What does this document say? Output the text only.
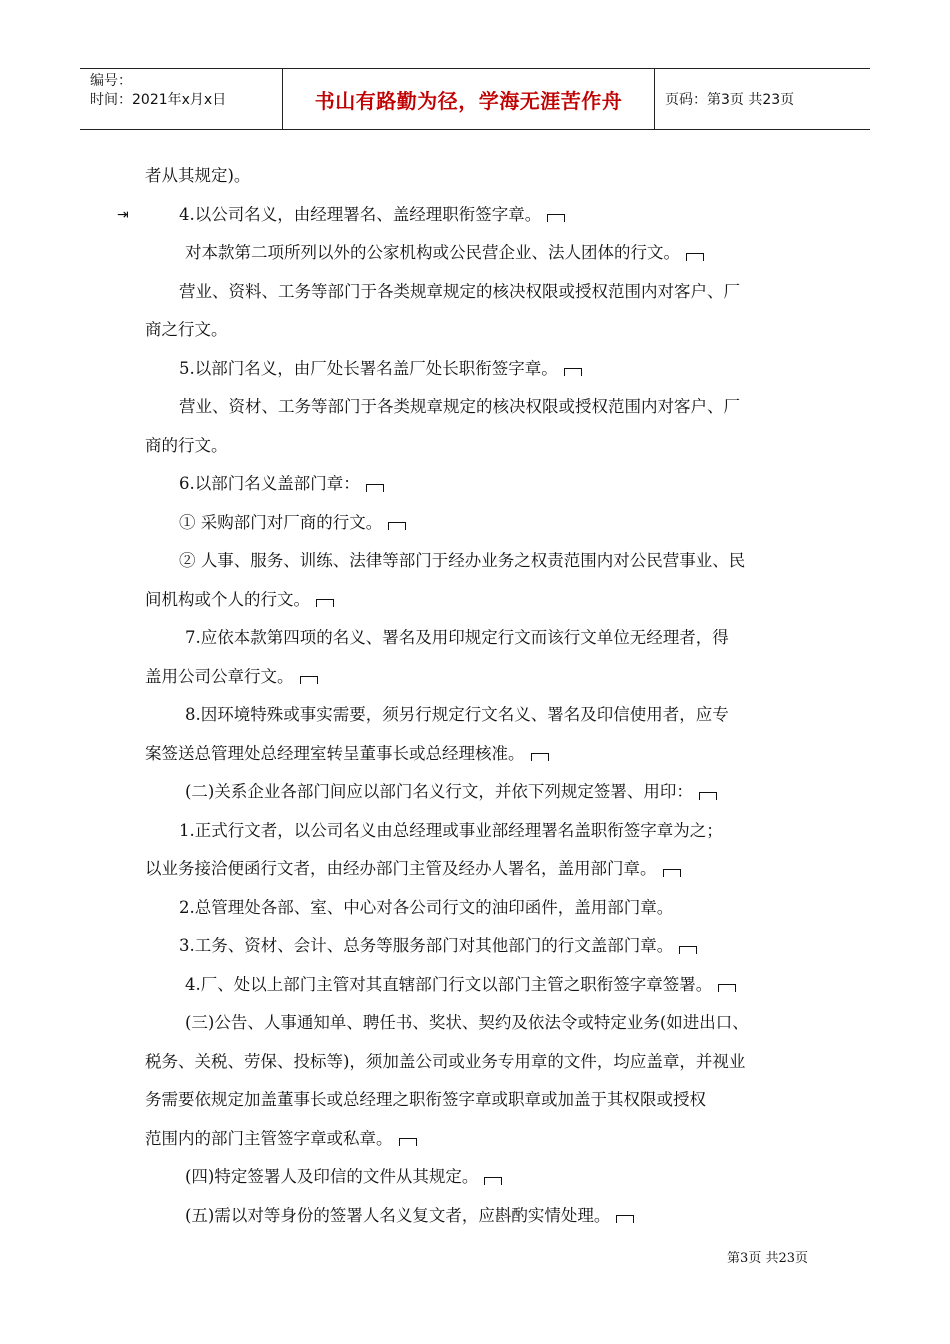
编号：
时间：2021年x月x日	书山有路勤为径，学海无涯苦作舟	页码：第3页 共23页
者从其规定)。
⇥	4.以公司名义，由经理署名、盖经理职衔签字章。
对本款第二项所列以外的公家机构或公民营企业、法人团体的行文。
营业、资料、工务等部门于各类规章规定的核决权限或授权范围内对客户、厂
商之行文。
5.以部门名义，由厂处长署名盖厂处长职衔签字章。
营业、资材、工务等部门于各类规章规定的核决权限或授权范围内对客户、厂
商的行文。
6.以部门名义盖部门章：
① 采购部门对厂商的行文。
② 人事、服务、训练、法律等部门于经办业务之权责范围内对公民营事业、民
间机构或个人的行文。
7.应依本款第四项的名义、署名及用印规定行文而该行文单位无经理者，得
盖用公司公章行文。
8.因环境特殊或事实需要，须另行规定行文名义、署名及印信使用者，应专
案签送总管理处总经理室转呈董事长或总经理核准。
(二)关系企业各部门间应以部门名义行文，并依下列规定签署、用印：
1.正式行文者，以公司名义由总经理或事业部经理署名盖职衔签字章为之；
以业务接洽便函行文者，由经办部门主管及经办人署名，盖用部门章。
2.总管理处各部、室、中心对各公司行文的油印函件，盖用部门章。
3.工务、资材、会计、总务等服务部门对其他部门的行文盖部门章。
4.厂、处以上部门主管对其直辖部门行文以部门主管之职衔签字章签署。
(三)公告、人事通知单、聘任书、奖状、契约及依法令或特定业务(如进出口、
税务、关税、劳保、投标等)，须加盖公司或业务专用章的文件，均应盖章，并视业
务需要依规定加盖董事长或总经理之职衔签字章或职章或加盖于其权限或授权
范围内的部门主管签字章或私章。
(四)特定签署人及印信的文件从其规定。
(五)需以对等身份的签署人名义复文者，应斟酌实情处理。
第3页 共23页
